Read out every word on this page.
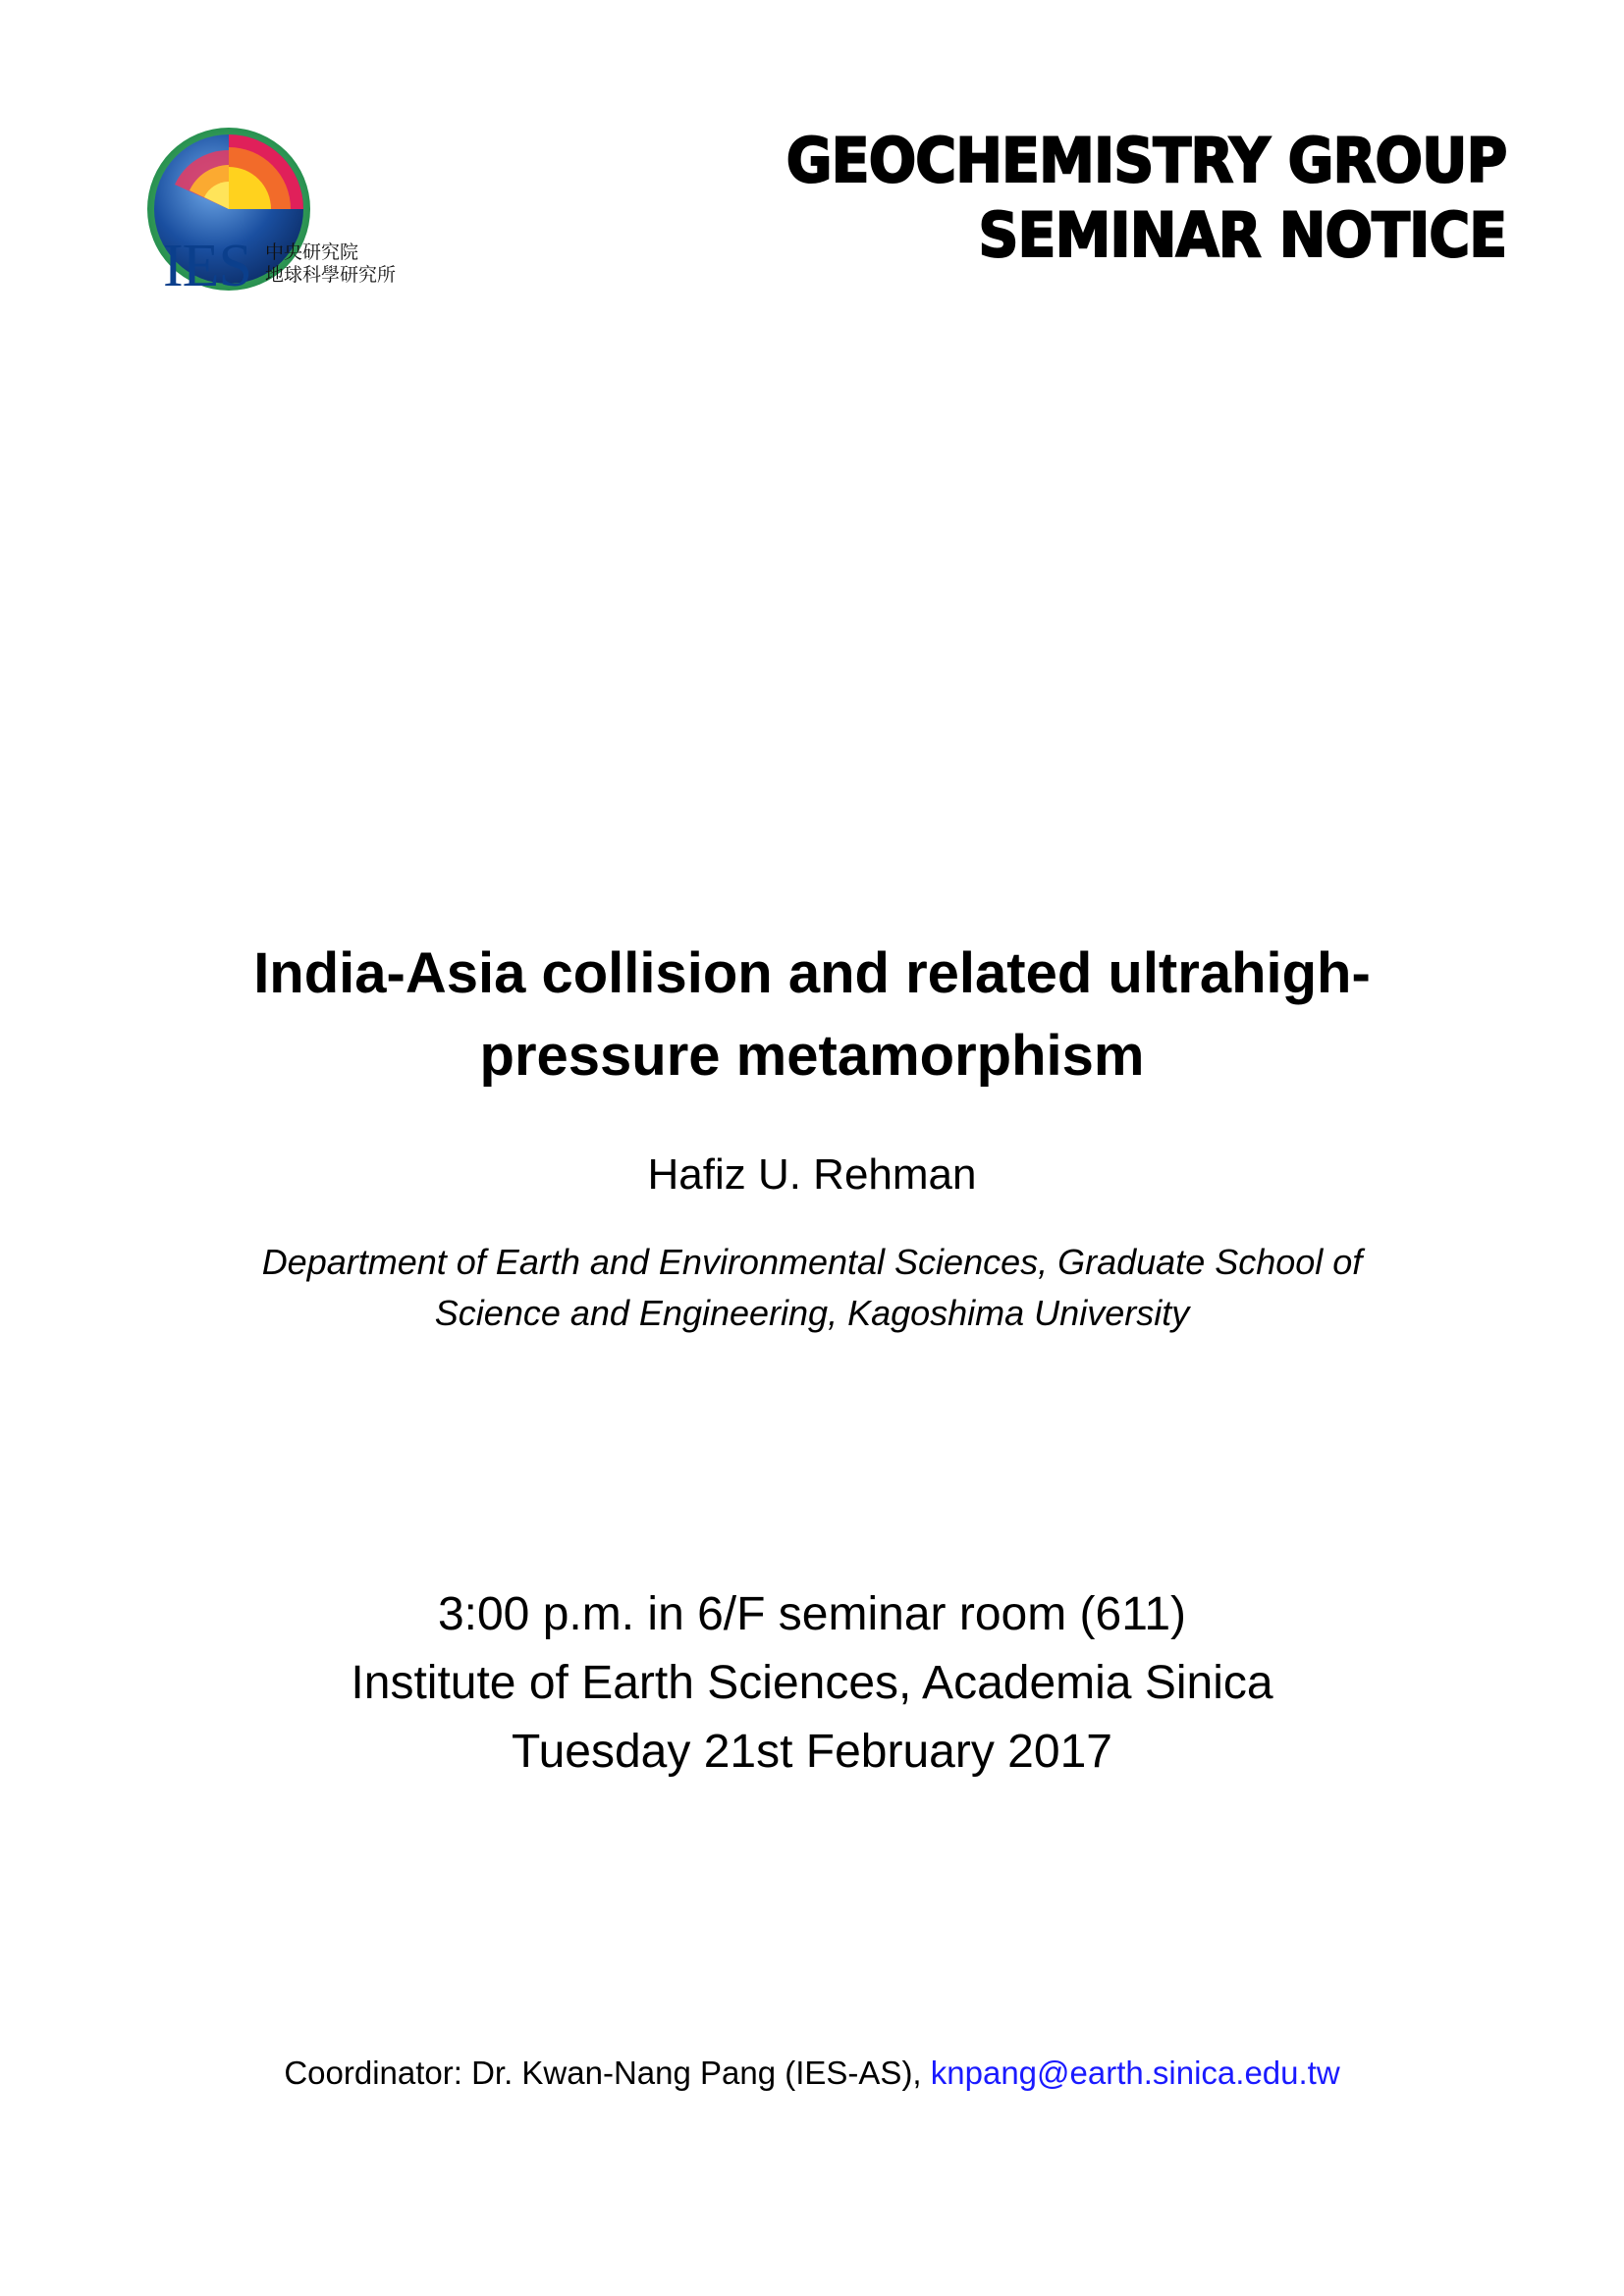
IES 中央研究院
地球科學研究所
GEOCHEMISTRY GROUP
SEMINAR NOTICE
India-Asia collision and related ultrahigh-
pressure metamorphism
Hafiz U. Rehman
Department of Earth and Environmental Sciences, Graduate School of
Science and Engineering, Kagoshima University
3:00 p.m. in 6/F seminar room (611)
Institute of Earth Sciences, Academia Sinica
Tuesday 21st February 2017
Coordinator: Dr. Kwan-Nang Pang (IES-AS), knpang@earth.sinica.edu.tw
